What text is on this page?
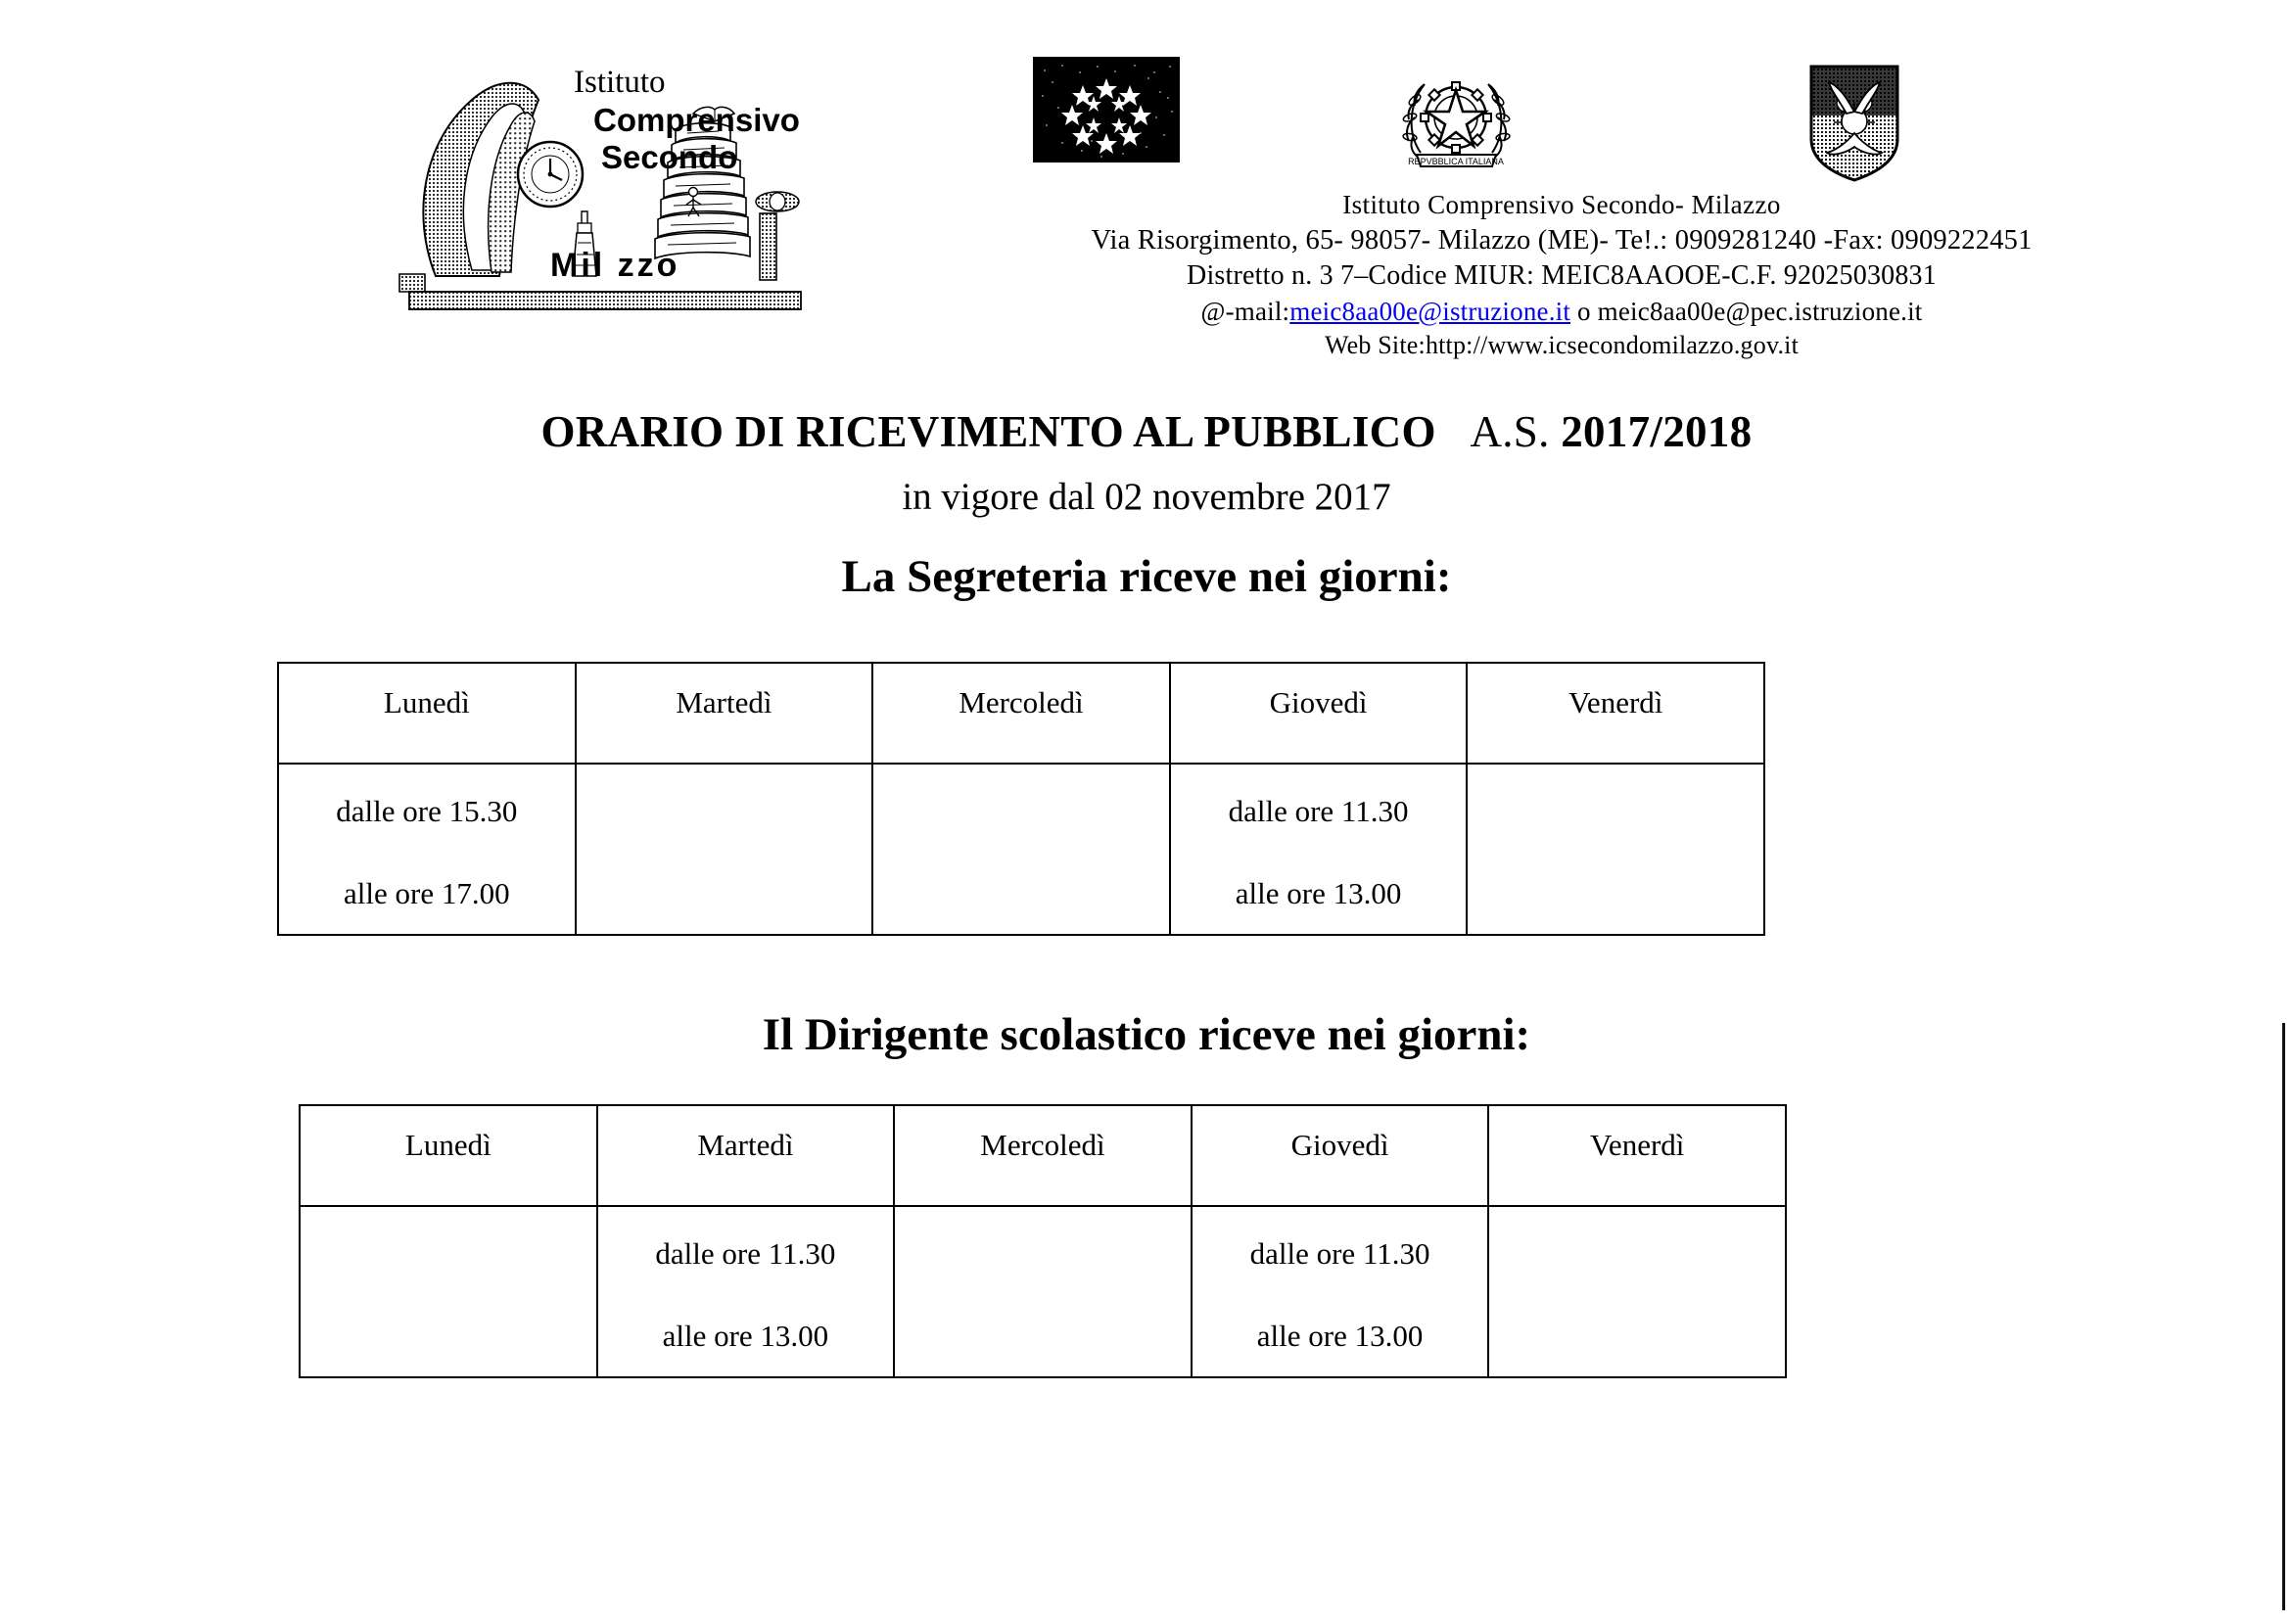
Istituto
Comprensivo
Secondo
Mil zzo
REPVBBLICA ITALIANA
Istituto Comprensivo Secondo- Milazzo
Via Risorgimento, 65- 98057- Milazzo (ME)- Te!.: 0909281240 -Fax: 0909222451
Distretto n. 3 7–Codice MIUR: MEIC8AAOOE-C.F. 92025030831
@-mail:meic8aa00e@istruzione.it o meic8aa00e@pec.istruzione.it
Web Site:http://www.icsecondomilazzo.gov.it
ORARIO DI RICEVIMENTO AL PUBBLICO A.S. 2017/2018
in vigore dal 02 novembre 2017
La Segreteria riceve nei giorni:
Lunedì	Martedì	Mercoledì	Giovedì	Venerdì

dalle ore 15.30
alle ore 17.00			dalle ore 11.30
alle ore 13.00	

Il Dirigente scolastico riceve nei giorni:
Lunedì	Martedì	Mercoledì	Giovedì	Venerdì

	dalle ore 11.30
alle ore 13.00		dalle ore 11.30
alle ore 13.00	
